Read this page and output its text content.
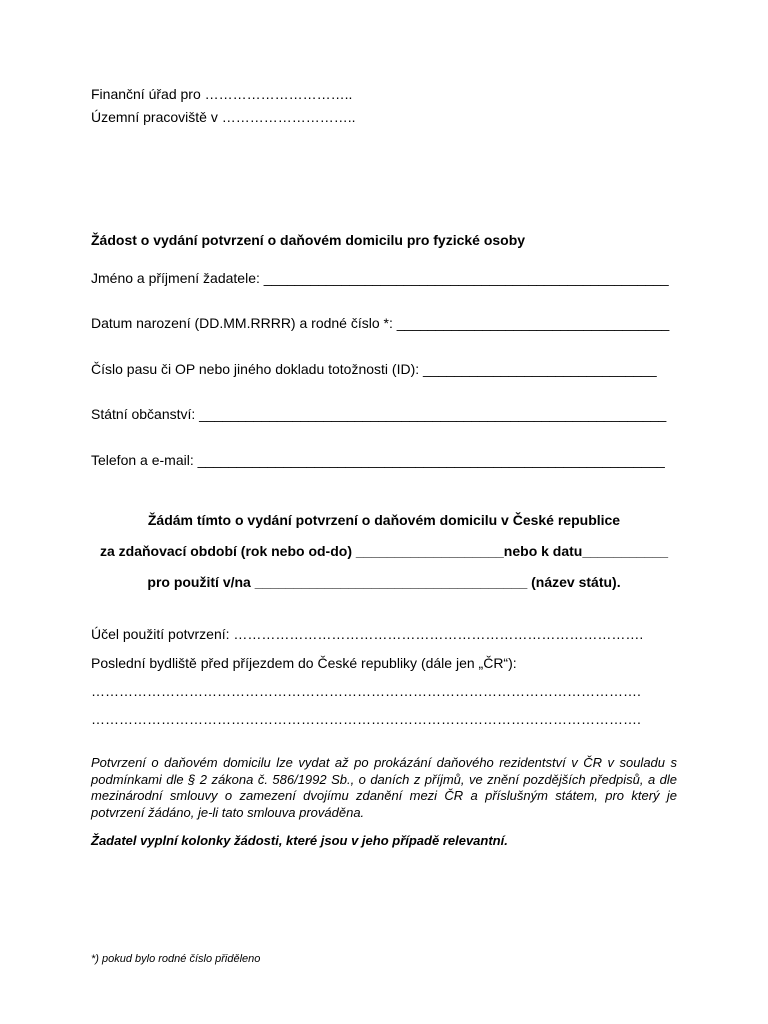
Finanční úřad pro …………………………..
Územní pracoviště v ………………………..
Žádost o vydání potvrzení o daňovém domicilu pro fyzické osoby
Jméno a příjmení žadatele: ____________________________________________________
Datum narození (DD.MM.RRRR) a rodné číslo *: ___________________________________
Číslo pasu či OP nebo jiného dokladu totožnosti (ID): ______________________________
Státní občanství: ____________________________________________________________
Telefon a e-mail: ____________________________________________________________
Žádám tímto o vydání potvrzení o daňovém domicilu v České republice
za zdaňovací období (rok nebo od-do) ___________________nebo k datu___________
pro použití v/na ___________________________________ (název státu).
Účel použití potvrzení: …………………………………………………………………………….
Poslední bydliště před příjezdem do České republiky (dále jen „ČR“):
……………………………………………………………………………………………………….
……………………………………………………………………………………………………….
Potvrzení o daňovém domicilu lze vydat až po prokázání daňového rezidentství v ČR v souladu s podmínkami dle § 2 zákona č. 586/1992 Sb., o daních z příjmů, ve znění pozdějších předpisů, a dle mezinárodní smlouvy o zamezení dvojímu zdanění mezi ČR a příslušným státem, pro který je potvrzení žádáno, je-li tato smlouva prováděna.
Žadatel vyplní kolonky žádosti, které jsou v jeho případě relevantní.
*) pokud bylo rodné číslo přiděleno
